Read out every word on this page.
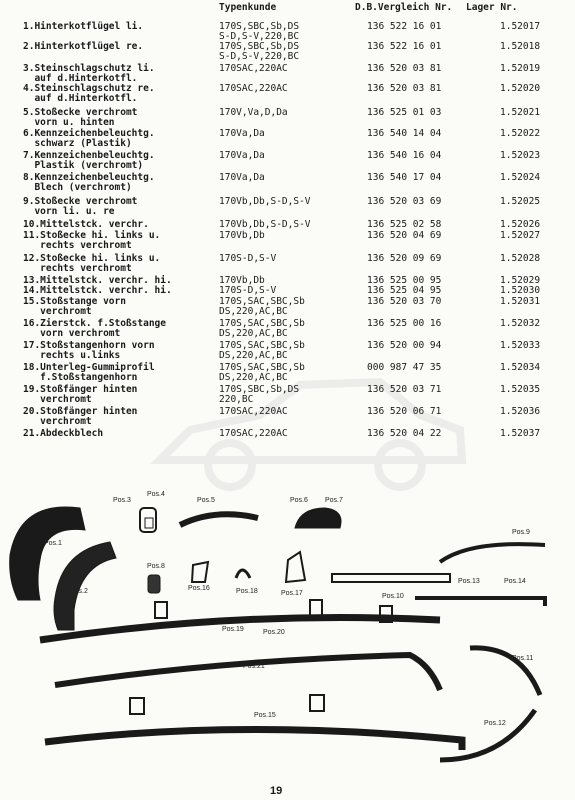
Typenkunde	D.B.Vergleich Nr. Lager Nr.
1.Hinterkotflügel li.	170S,SBC,Sb,DS
S-D,S-V,220,BC
136 522 16 01	1.52017
2.Hinterkotflügel re.	170S,SBC,Sb,DS
S-D,S-V,220,BC
136 522 16 01	1.52018
3.Steinschlagschutz li.
auf d.Hinterkotfl.
170SAC,220AC	136 520 03 81	1.52019
4.Steinschlagschutz re.
auf d.Hinterkotfl.
170SAC,220AC	136 520 03 81	1.52020
5.Stoßecke verchromt
vorn u. hinten
170V,Va,D,Da	136 525 01 03	1.52021
6.Kennzeichenbeleuchtg.
schwarz (Plastik)
170Va,Da	136 540 14 04	1.52022
7.Kennzeichenbeleuchtg.
Plastik (verchromt)
170Va,Da	136 540 16 04	1.52023
8.Kennzeichenbeleuchtg.
Blech (verchromt)
170Va,Da	136 540 17 04	1.52024
9.Stoßecke verchromt
vorn li. u. re
170Vb,Db,S-D,S-V	136 520 03 69	1.52025
10.Mittelstck. verchr.	170Vb,Db,S-D,S-V	136 525 02 58	1.52026
11.Stoßecke hi. links u.
rechts verchromt
170Vb,Db	136 520 04 69	1.52027
12.Stoßecke hi. links u.
rechts verchromt
170S-D,S-V	136 520 09 69	1.52028
13.Mittelstck. verchr. hi.	170Vb,Db	136 525 00 95	1.52029
14.Mittelstck. verchr. hi.	170S-D,S-V	136 525 04 95	1.52030
15.Stoßstange vorn
verchromt
170S,SAC,SBC,Sb
DS,220,AC,BC
136 520 03 70	1.52031
16.Zierstck. f.Stoßstange
vorn verchromt
170S,SAC,SBC,Sb
DS,220,AC,BC
136 525 00 16	1.52032
17.Stoßstangenhorn vorn
rechts u.links
170S,SAC,SBC,Sb
DS,220,AC,BC
136 520 00 94	1.52033
18.Unterleg-Gummiprofil
f.Stoßstangenhorn
170S,SAC,SBC,Sb
DS,220,AC,BC
000 987 47 35	1.52034
19.Stoßfänger hinten
verchromt
170S,SBC,Sb,DS
220,BC
136 520 03 71	1.52035
20.Stoßfänger hinten
verchromt
170SAC,220AC	136 520 06 71	1.52036
21.Abdeckblech	170SAC,220AC	136 520 04 22	1.52037
Pos.1
Pos.2
Pos.3
Pos.4
Pos.5	Pos.6 Pos.7
Pos.8
Pos.9
Pos.10
Pos.11
Pos.12
Pos.13	Pos.14
Pos.15
Pos.16
Pos.17
Pos.18
Pos.19	Pos.20
Pos.21
19
